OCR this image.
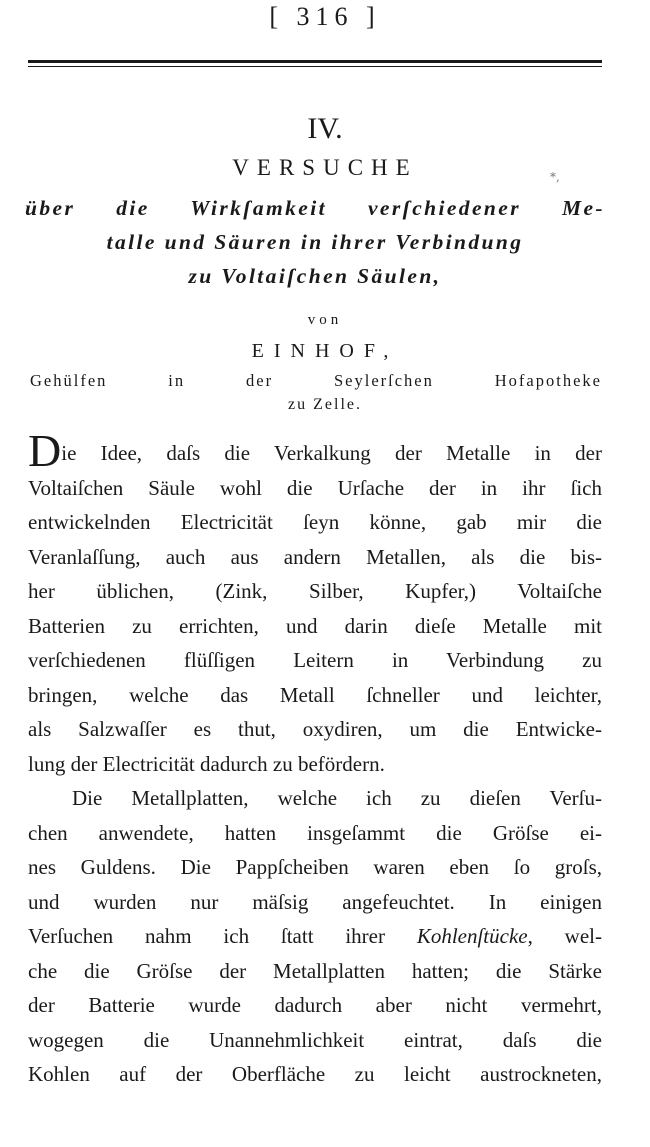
[ 316 ]
IV.
VERSUCHE	*,
über die Wirkſamkeit verſchiedener Me-
talle und Säuren in ihrer Verbindung
zu Voltaiſchen Säulen,
von
EINHOF,
Gehülfen in der Seylerſchen Hofapotheke
zu Zelle.
Die Idee, daſs die Verkalkung der Metalle in der
Voltaiſchen Säule wohl die Urſache der in ihr ſich
entwickelnden Electricität ſeyn könne, gab mir die
Veranlaſſung, auch aus andern Metallen, als die bis-
her üblichen, (Zink, Silber, Kupfer,) Voltaiſche
Batterien zu errichten, und darin dieſe Metalle mit
verſchiedenen flüſſigen Leitern in Verbindung zu
bringen, welche das Metall ſchneller und leichter,
als Salzwaſſer es thut, oxydiren, um die Entwicke-
lung der Electricität dadurch zu befördern.
Die Metallplatten, welche ich zu dieſen Verſu-
chen anwendete, hatten insgeſammt die Gröſse ei-
nes Guldens. Die Pappſcheiben waren eben ſo groſs,
und wurden nur mäſsig angefeuchtet. In einigen
Verſuchen nahm ich ſtatt ihrer Kohlenſtücke, wel-
che die Gröſse der Metallplatten hatten; die Stärke
der Batterie wurde dadurch aber nicht vermehrt,
wogegen die Unannehmlichkeit eintrat, daſs die
Kohlen auf der Oberfläche zu leicht austrockneten,
